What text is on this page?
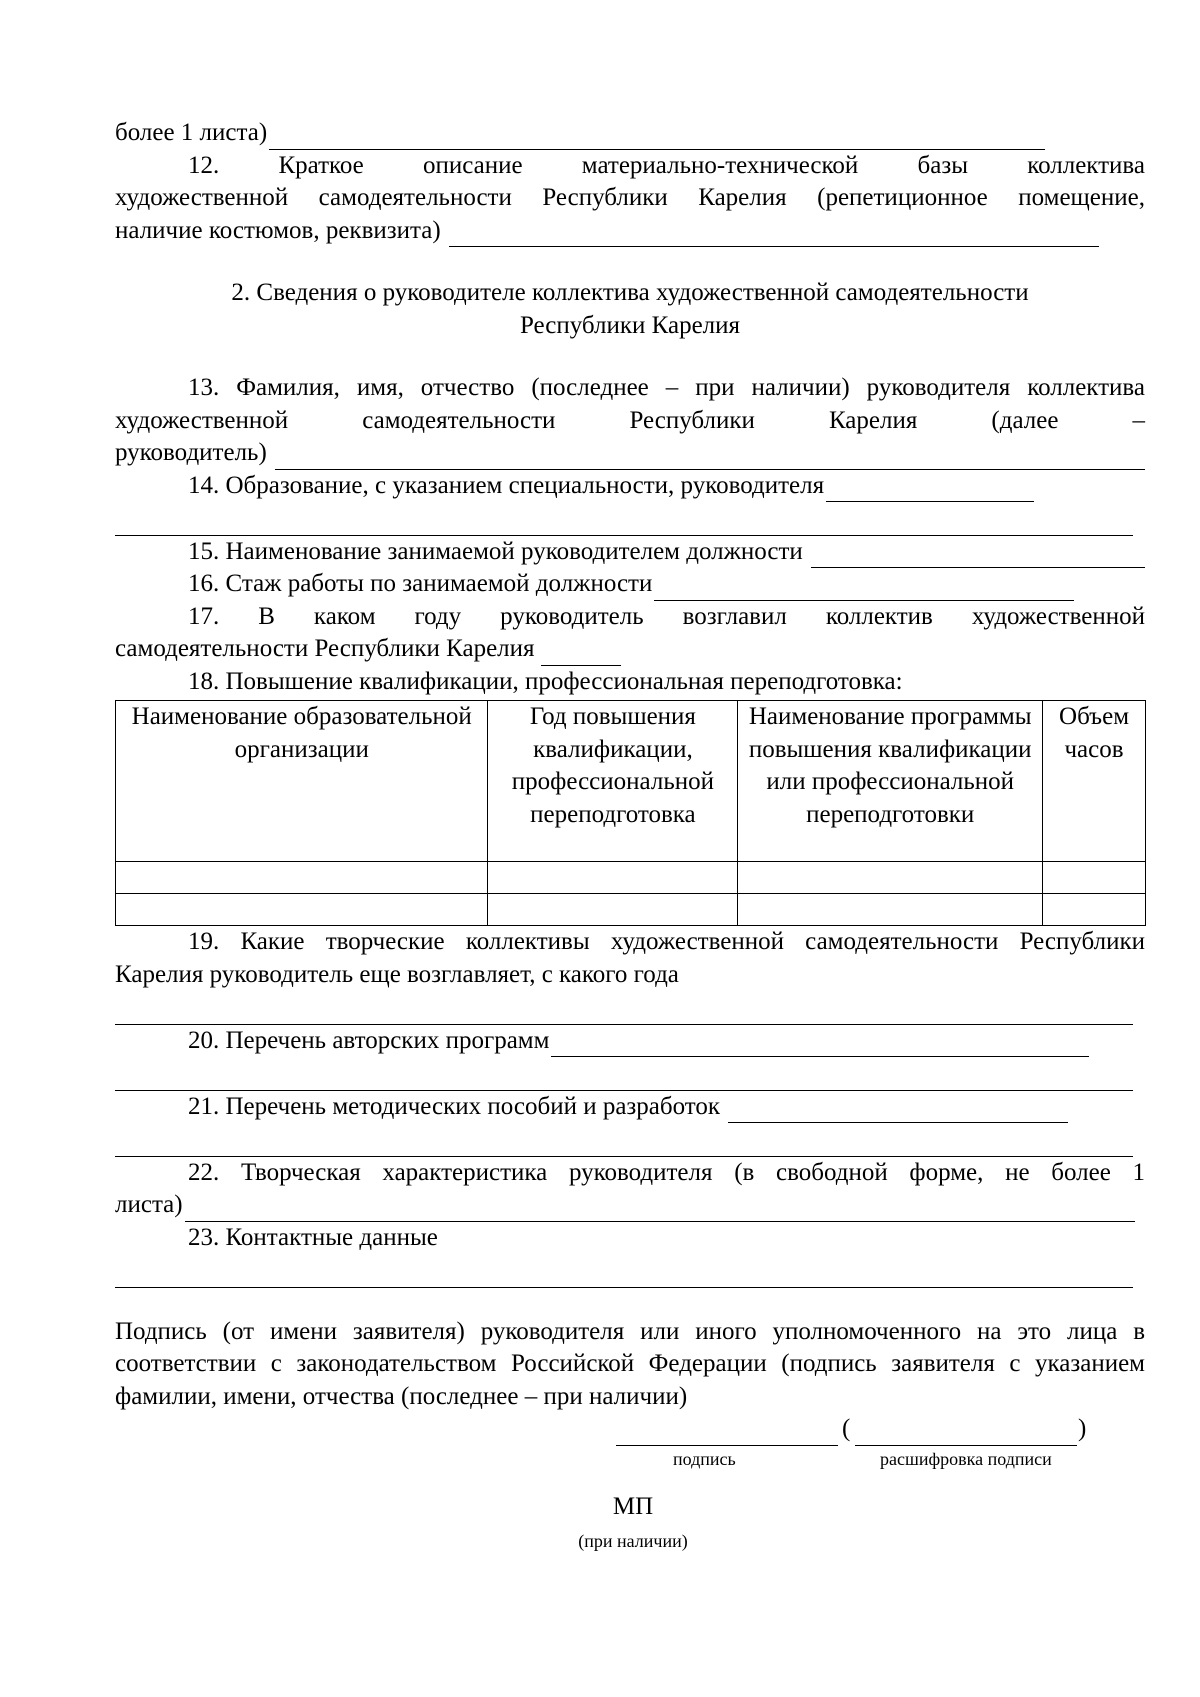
более 1 листа)
12. Краткое описание материально-технической базы коллектива

художественной самодеятельности Республики Карелия (репетиционное помещение,

наличие костюмов, реквизита)
2. Сведения о руководителе коллектива художественной самодеятельности
Республики Карелия

13. Фамилия, имя, отчество (последнее – при наличии) руководителя коллектива художественной самодеятельности Республики Карелия (далее –

руководитель)
14. Образование, с указанием специальности, руководителя
15. Наименование занимаемой руководителем должности
16. Стаж работы по занимаемой должности

17. В каком году руководитель возглавил коллектив художественной

самодеятельности Республики Карелия

18. Повышение квалификации, профессиональная переподготовка:

Наименование образовательной организации	Год повышения квалификации, профессиональной переподготовка	Наименование программы повышения квалификации или профессиональной переподготовки	Объем часов

19. Какие творческие коллективы художественной самодеятельности Республики Карелия руководитель еще возглавляет, с какого года

20. Перечень авторских программ
21. Перечень методических пособий и разработок

22. Творческая характеристика руководителя (в свободной форме, не более 1

листа)

23. Контактные данные

Подпись (от имени заявителя) руководителя или иного уполномоченного на это лица в соответствии с законодательством Российской Федерации (подпись заявителя с указанием фамилии, имени, отчества (последнее – при наличии)

(	)
подпись	расшифровка подписи
МП
(при наличии)
